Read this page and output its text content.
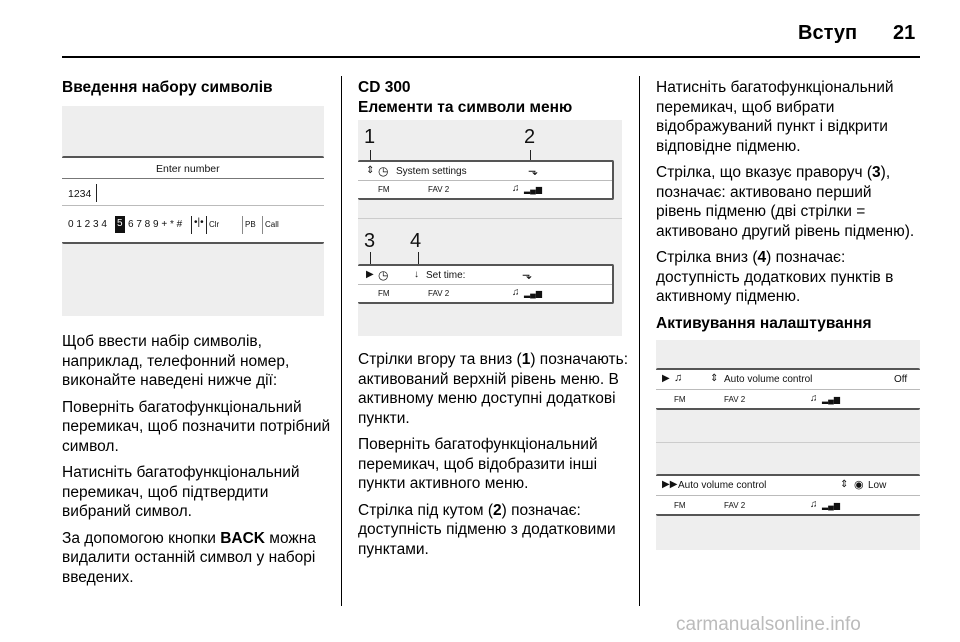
Вступ 21
Введення набору символів
Enter number
1234
0 1 2 3 4 5 6 7 8 9 + * # •|• Clr	PB Call

Щоб ввести набір символів, наприклад, телефонний номер, виконайте наведені нижче дії:

Поверніть багатофункціональний перемикач, щоб позначити потрібний символ.

Натисніть багатофункціональний перемикач, щоб підтвердити вибраний символ.

За допомогою кнопки BACK можна видалити останній символ у наборі введених.

CD 300
Елементи та символи меню
1	2
⇕ ◷ System settings	⬎
FM	FAV 2	♫ ▂▄▆
3 4
▶ ◷	↓ Set time:	⬎
FM	FAV 2	♫ ▂▄▆

Стрілки вгору та вниз (1) позначають: активований верхній рівень меню. В активному меню доступні додаткові пункти.

Поверніть багатофункціональний перемикач, щоб відобразити інші пункти активного меню.

Стрілка під кутом (2) позначає: доступність підменю з додатковими пунктами.

Натисніть багатофункціональний перемикач, щоб вибрати відображуваний пункт і відкрити відповідне підменю.

Стрілка, що вказує праворуч (3), позначає: активовано перший рівень підменю (дві стрілки = активовано другий рівень підменю).

Стрілка вниз (4) позначає: доступність додаткових пунктів в активному підменю.

Активування налаштування
▶ ♫	⇕ Auto volume control	Off
FM	FAV 2	♫ ▂▄▆
▶▶ Auto volume control	⇕ ◉ Low
FM	FAV 2	♫ ▂▄▆
carmanualsonline.info
